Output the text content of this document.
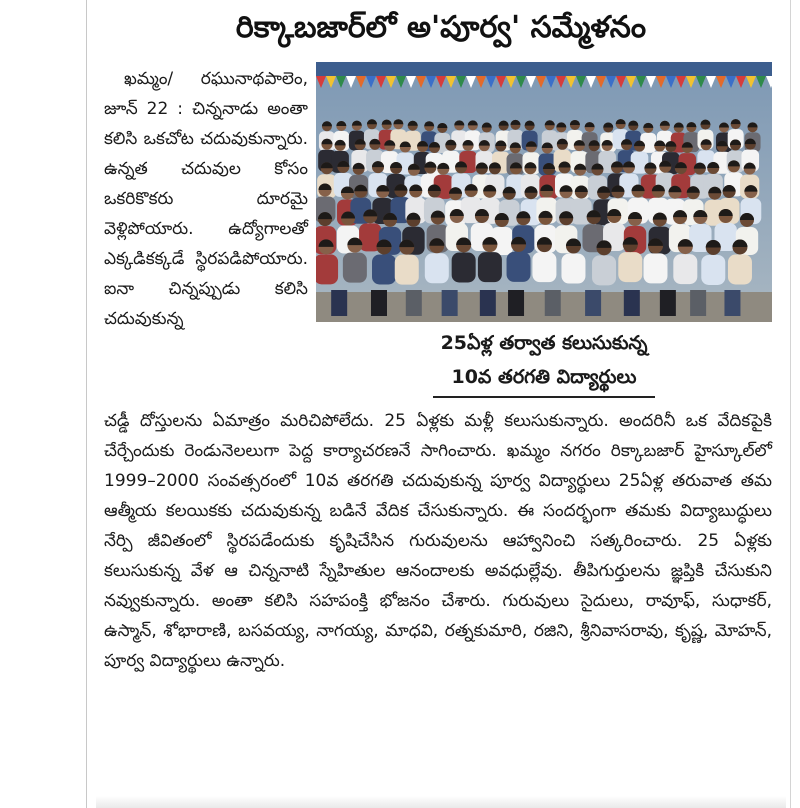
రిక్కాబజార్‌లో అ'పూర్వ' సమ్మేళనం

ఖమ్మం/ రఘునాథపాలెం, జూన్ 22 : చిన్ననాడు అంతా కలిసి ఒకచోట చదువుకున్నారు. ఉన్నత చదువుల కోసం ఒకరికొకరు దూరమై వెళ్లిపోయారు. ఉద్యోగాలతో ఎక్కడికక్కడే స్థిరపడిపోయారు. ఐనా చిన్నప్పుడు కలిసి చదువుకున్న

25ఏళ్ల తర్వాత కలుసుకున్న
10వ తరగతి విద్యార్థులు

చడ్డీ దోస్తులను ఏమాత్రం మరిచిపోలేదు. 25 ఏళ్లకు మళ్లీ కలుసుకున్నారు. అందరినీ ఒక వేదికపైకి చేర్చేందుకు రెండునెలలుగా పెద్ద కార్యాచరణనే సాగించారు. ఖమ్మం నగరం రిక్కాబజార్ హైస్కూల్‌లో 1999–2000 సంవత్సరంలో 10వ తరగతి చదువుకున్న పూర్వ విద్యార్థులు 25ఏళ్ల తరువాత తమ ఆత్మీయ కలయికకు చదువుకున్న బడినే వేదిక చేసుకున్నారు. ఈ సందర్భంగా తమకు విద్యాబుద్ధులు నేర్పి జీవితంలో స్థిరపడేందుకు కృషిచేసిన గురువులను ఆహ్వానించి సత్కరించారు. 25 ఏళ్లకు కలుసుకున్న వేళ ఆ చిన్ననాటి స్నేహితుల ఆనందాలకు అవధుల్లేవు. తీపిగుర్తులను జ్ఞప్తికి చేసుకుని నవ్వుకున్నారు. అంతా కలిసి సహపంక్తి భోజనం చేశారు. గురువులు సైదులు, రావూఫ్, సుధాకర్, ఉస్మాన్, శోభారాణి, బసవయ్య, నాగయ్య, మాధవి, రత్నకుమారి, రజిని, శ్రీనివాసరావు, కృష్ణ, మోహన్, పూర్వ విద్యార్థులు ఉన్నారు.
